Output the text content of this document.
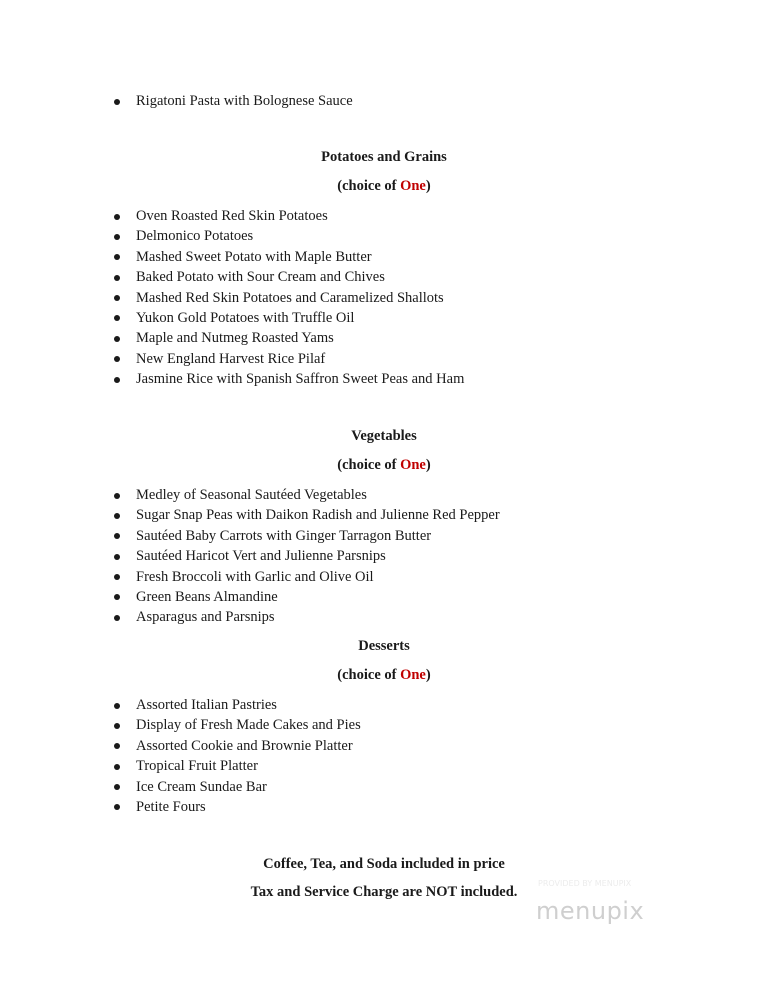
Rigatoni Pasta with Bolognese Sauce
Potatoes and Grains
(choice of One)
Oven Roasted Red Skin Potatoes
Delmonico Potatoes
Mashed Sweet Potato with Maple Butter
Baked Potato with Sour Cream and Chives
Mashed Red Skin Potatoes and Caramelized Shallots
Yukon Gold Potatoes with Truffle Oil
Maple and Nutmeg Roasted Yams
New England Harvest Rice Pilaf
Jasmine Rice with Spanish Saffron Sweet Peas and Ham
Vegetables
(choice of One)
Medley of Seasonal Sautéed Vegetables
Sugar Snap Peas with Daikon Radish and Julienne Red Pepper
Sautéed Baby Carrots with Ginger Tarragon Butter
Sautéed Haricot Vert and Julienne Parsnips
Fresh Broccoli with Garlic and Olive Oil
Green Beans Almandine
Asparagus and Parsnips
Desserts
(choice of One)
Assorted Italian Pastries
Display of Fresh Made Cakes and Pies
Assorted Cookie and Brownie Platter
Tropical Fruit Platter
Ice Cream Sundae Bar
Petite Fours
Coffee, Tea, and Soda included in price
Tax and Service Charge are NOT included.
PROVIDED BY MENUPIX
menupix
